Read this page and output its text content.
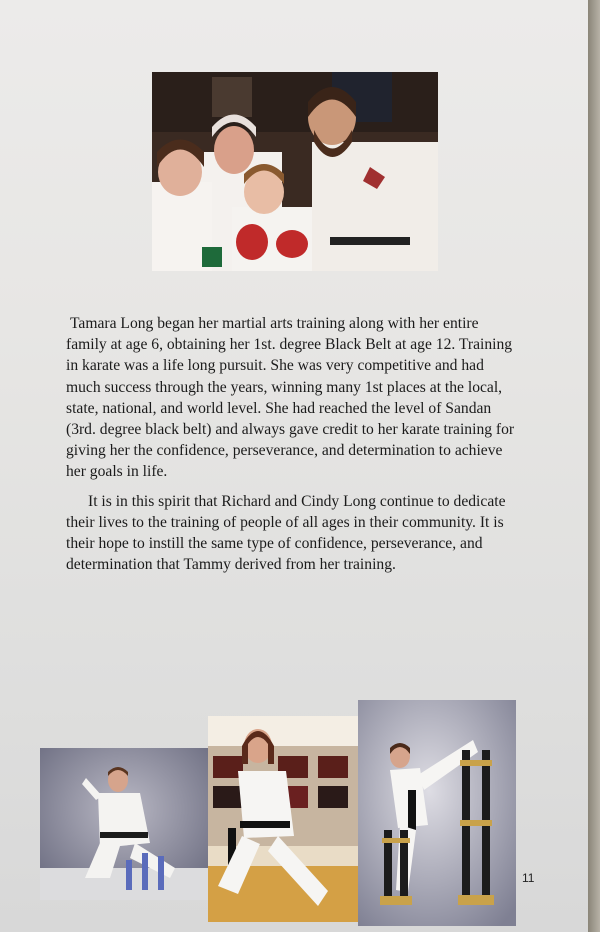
Tamara Long began her martial arts training along with her entire family at age 6, obtaining her 1st. degree Black Belt at age 12. Training in karate was a life long pursuit. She was very competitive and had much success through the years, winning many 1st places at the local, state, national, and world level. She had reached the level of Sandan (3rd. degree black belt) and always gave credit to her karate training for giving her the confidence, perseverance, and determination to achieve her goals in life.

It is in this spirit that Richard and Cindy Long continue to dedicate their lives to the training of people of all ages in their community. It is their hope to instill the same type of confidence, perseverance, and determination that Tammy derived from her training.

11
